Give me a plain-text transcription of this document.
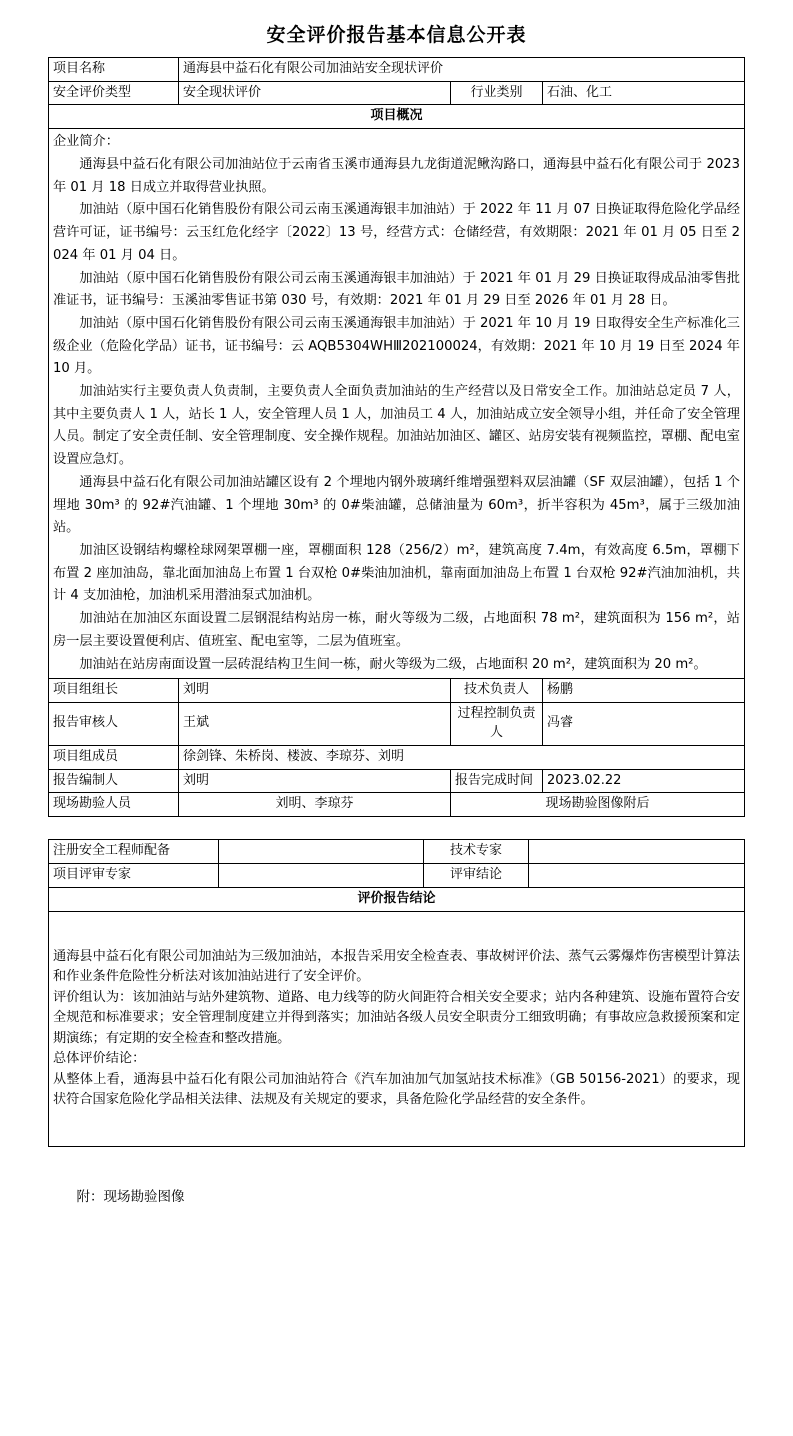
安全评价报告基本信息公开表
项目名称	通海县中益石化有限公司加油站安全现状评价		
安全评价类型	安全现状评价	行业类别	石油、化工
项目概况			

企业简介：

通海县中益石化有限公司加油站位于云南省玉溪市通海县九龙街道泥鳅沟路口，通海县中益石化有限公司于 2023 年 01 月 18 日成立并取得营业执照。

加油站（原中国石化销售股份有限公司云南玉溪通海银丰加油站）于 2022 年 11 月 07 日换证取得危险化学品经营许可证，证书编号：云玉红危化经字〔2022〕13 号，经营方式：仓储经营，有效期限：2021 年 01 月 05 日至 2024 年 01 月 04 日。

加油站（原中国石化销售股份有限公司云南玉溪通海银丰加油站）于 2021 年 01 月 29 日换证取得成品油零售批准证书，证书编号：玉溪油零售证书第 030 号，有效期：2021 年 01 月 29 日至 2026 年 01 月 28 日。

加油站（原中国石化销售股份有限公司云南玉溪通海银丰加油站）于 2021 年 10 月 19 日取得安全生产标准化三级企业（危险化学品）证书，证书编号：云 AQB5304WHⅢ202100024，有效期：2021 年 10 月 19 日至 2024 年 10 月。

加油站实行主要负责人负责制，主要负责人全面负责加油站的生产经营以及日常安全工作。加油站总定员 7 人，其中主要负责人 1 人，站长 1 人，安全管理人员 1 人，加油员工 4 人，加油站成立安全领导小组，并任命了安全管理人员。制定了安全责任制、安全管理制度、安全操作规程。加油站加油区、罐区、站房安装有视频监控，罩棚、配电室设置应急灯。

通海县中益石化有限公司加油站罐区设有 2 个埋地内钢外玻璃纤维增强塑料双层油罐（SF 双层油罐），包括 1 个埋地 30m³ 的 92#汽油罐、1 个埋地 30m³ 的 0#柴油罐，总储油量为 60m³，折半容积为 45m³，属于三级加油站。

加油区设钢结构螺栓球网架罩棚一座，罩棚面积 128（256/2）m²，建筑高度 7.4m，有效高度 6.5m，罩棚下布置 2 座加油岛，靠北面加油岛上布置 1 台双枪 0#柴油加油机，靠南面加油岛上布置 1 台双枪 92#汽油加油机，共计 4 支加油枪，加油机采用潜油泵式加油机。

加油站在加油区东面设置二层钢混结构站房一栋，耐火等级为二级，占地面积 78 m²，建筑面积为 156 m²，站房一层主要设置便利店、值班室、配电室等，二层为值班室。

加油站在站房南面设置一层砖混结构卫生间一栋，耐火等级为二级，占地面积 20 m²，建筑面积为 20 m²。

项目组组长	刘明	技术负责人	杨鹏
报告审核人	王斌	过程控制负责人	冯睿
项目组成员	徐剑锋、朱桥岗、楼波、李琼芬、刘明		
报告编制人	刘明	报告完成时间	2023.02.22
现场勘验人员	刘明、李琼芬	现场勘验图像附后	
注册安全工程师配备		技术专家	
项目评审专家		评审结论	
评价报告结论			

通海县中益石化有限公司加油站为三级加油站，本报告采用安全检查表、事故树评价法、蒸气云雾爆炸伤害模型计算法和作业条件危险性分析法对该加油站进行了安全评价。

评价组认为：该加油站与站外建筑物、道路、电力线等的防火间距符合相关安全要求；站内各种建筑、设施布置符合安全规范和标准要求；安全管理制度建立并得到落实；加油站各级人员安全职责分工细致明确；有事故应急救援预案和定期演练；有定期的安全检查和整改措施。

总体评价结论：

从整体上看，通海县中益石化有限公司加油站符合《汽车加油加气加氢站技术标准》（GB 50156-2021）的要求，现状符合国家危险化学品相关法律、法规及有关规定的要求，具备危险化学品经营的安全条件。			

附：现场勘验图像
